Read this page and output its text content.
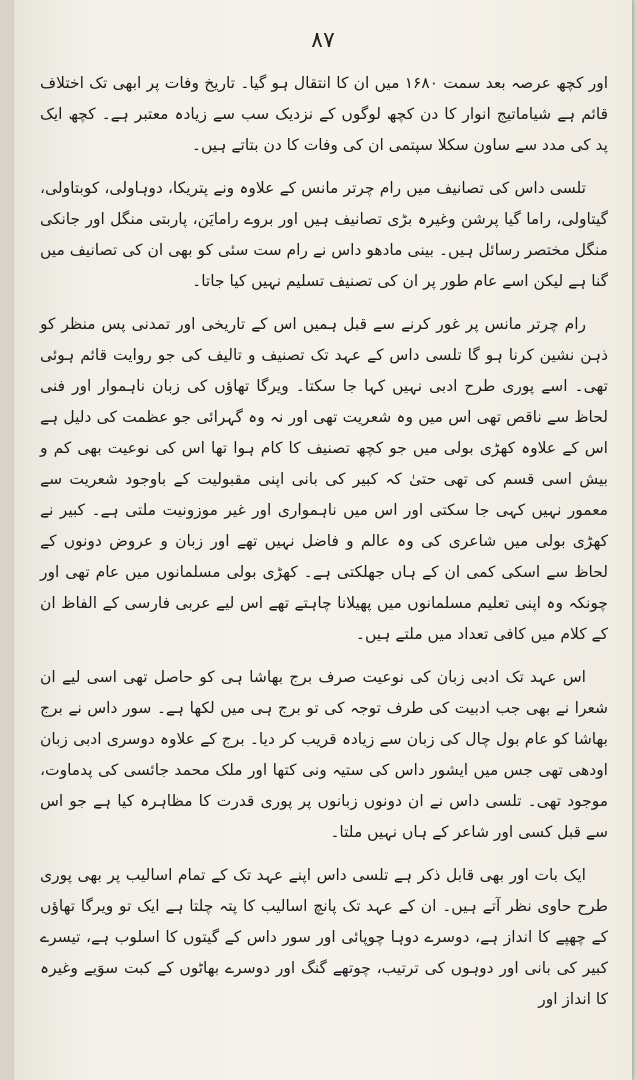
۸۷

اور کچھ عرصہ بعد سمت ۱۶۸۰ میں ان کا انتقال ہو گیا۔ تاریخ وفات پر ابھی تک اختلاف قائم ہے شیاماتیج انوار کا دن کچھ لوگوں کے نزدیک سب سے زیادہ معتبر ہے۔ کچھ ایک پد کی مدد سے ساون سکلا سپتمی ان کی وفات کا دن بتاتے ہیں۔

تلسی داس کی تصانیف میں رام چرتر مانس کے علاوہ ونے پتریکا، دوہاولی، کوبتاولی، گیتاولی، راما گیا پرشن وغیرہ بڑی تصانیف ہیں اور بروے رامایَن، پاربتی منگل اور جانکی منگل مختصر رسائل ہیں۔ بینی مادھو داس نے رام ست سئی کو بھی ان کی تصانیف میں گنا ہے لیکن اسے عام طور پر ان کی تصنیف تسلیم نہیں کیا جاتا۔

رام چرتر مانس پر غور کرنے سے قبل ہمیں اس کے تاریخی اور تمدنی پس منظر کو ذہن نشین کرنا ہو گا تلسی داس کے عہد تک تصنیف و تالیف کی جو روایت قائم ہوئی تھی۔ اسے پوری طرح ادبی نہیں کہا جا سکتا۔ ویرگا تھاؤں کی زبان ناہموار اور فنی لحاظ سے ناقص تھی اس میں وہ شعریت تھی اور نہ وہ گہرائی جو عظمت کی دلیل ہے اس کے علاوہ کھڑی بولی میں جو کچھ تصنیف کا کام ہوا تھا اس کی نوعیت بھی کم و بیش اسی قسم کی تھی حتیٰ کہ کبیر کی بانی اپنی مقبولیت کے باوجود شعریت سے معمور نہیں کہی جا سکتی اور اس میں ناہمواری اور غیر موزونیت ملتی ہے۔ کبیر نے کھڑی بولی میں شاعری کی وہ عالم و فاضل نہیں تھے اور زبان و عروض دونوں کے لحاظ سے اسکی کمی ان کے ہاں جھلکتی ہے۔ کھڑی بولی مسلمانوں میں عام تھی اور چونکہ وہ اپنی تعلیم مسلمانوں میں پھیلانا چاہتے تھے اس لیے عربی فارسی کے الفاظ ان کے کلام میں کافی تعداد میں ملتے ہیں۔

اس عہد تک ادبی زبان کی نوعیت صرف برج بھاشا ہی کو حاصل تھی اسی لیے ان شعرا نے بھی جب ادبیت کی طرف توجہ کی تو برج ہی میں لکھا ہے۔ سور داس نے برج بھاشا کو عام بول چال کی زبان سے زیادہ قریب کر دیا۔ برج کے علاوہ دوسری ادبی زبان اودھی تھی جس میں ایشور داس کی ستیہ ونی کتھا اور ملک محمد جائسی کی پدماوت، موجود تھی۔ تلسی داس نے ان دونوں زبانوں پر پوری قدرت کا مظاہرہ کیا ہے جو اس سے قبل کسی اور شاعر کے ہاں نہیں ملتا۔

ایک بات اور بھی قابل ذکر ہے تلسی داس اپنے عہد تک کے تمام اسالیب پر بھی پوری طرح حاوی نظر آتے ہیں۔ ان کے عہد تک پانچ اسالیب کا پتہ چلتا ہے ایک تو ویرگا تھاؤں کے چھپے کا انداز ہے، دوسرے دوہا چوپائی اور سور داس کے گیتوں کا اسلوب ہے، تیسرے کبیر کی بانی اور دوہوں کی ترتیب، چوتھے گنگ اور دوسرے بھاٹوں کے کبت سوَیے وغیرہ کا انداز اور
